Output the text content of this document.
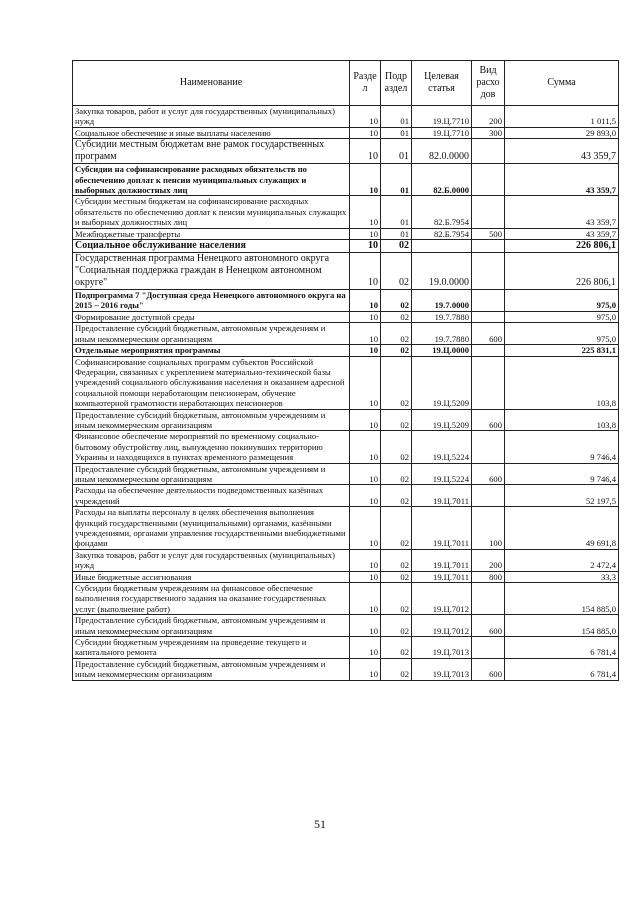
Наименование	Разде л	Подр аздел	Целевая статья	Вид расхо дов	Сумма
Закупка товаров, работ и услуг для государственных (муниципальных) нужд	10	01	19.Ц.7710	200	1 011,5
Социальное обеспечение и иные выплаты населению	10	01	19.Ц.7710	300	29 893,0
Субсидии местным бюджетам вне рамок государственных программ	10	01	82.0.0000		43 359,7
Субсидии на софинансирование расходных обязательств по обеспечению доплат к пенсии муниципальных служащих и выборных должностных лиц	10	01	82.Б.0000		43 359,7
Субсидии местным бюджетам на софинансирование расходных обязательств по обеспечению доплат к пенсии муниципальных служащих и выборных должностных лиц	10	01	82.Б.7954		43 359,7
Межбюджетные трансферты	10	01	82.Б.7954	500	43 359,7
Социальное обслуживание населения	10	02			226 806,1
Государственная программа Ненецкого автономного округа "Социальная поддержка граждан в Ненецком автономном округе"	10	02	19.0.0000		226 806,1
Подпрограмма 7 "Доступная среда Ненецкого автономного округа на 2015 – 2016 годы"	10	02	19.7.0000		975,0
Формирование доступной среды	10	02	19.7.7880		975,0
Предоставление субсидий бюджетным, автономным учреждениям и иным некоммерческим организациям	10	02	19.7.7880	600	975,0
Отдельные мероприятия программы	10	02	19.Ц.0000		225 831,1
Софинансирование социальных программ субъектов Российской Федерации, связанных с укреплением материально-технической базы учреждений социального обслуживания населения и оказанием адресной социальной помощи неработающим пенсионерам, обучение компьютерной грамотности неработающих пенсионеров	10	02	19.Ц.5209		103,8
Предоставление субсидий бюджетным, автономным учреждениям и иным некоммерческим организациям	10	02	19.Ц.5209	600	103,8
Финансовое обеспечение мероприятий по временному социально-бытовому обустройству лиц, вынужденно покинувших территорию Украины и находящихся в пунктах временного размещения	10	02	19.Ц.5224		9 746,4
Предоставление субсидий бюджетным, автономным учреждениям и иным некоммерческим организациям	10	02	19.Ц.5224	600	9 746,4
Расходы на обеспечение деятельности подведомственных казённых учреждений	10	02	19.Ц.7011		52 197,5
Расходы на выплаты персоналу в целях обеспечения выполнения функций государственными (муниципальными) органами, казёнными учреждениями, органами управления государственными внебюджетными фондами	10	02	19.Ц.7011	100	49 691,8
Закупка товаров, работ и услуг для государственных (муниципальных) нужд	10	02	19.Ц.7011	200	2 472,4
Иные бюджетные ассигнования	10	02	19.Ц.7011	800	33,3
Субсидии бюджетным учреждениям на финансовое обеспечение выполнения государственного задания на оказание государственных услуг (выполнение работ)	10	02	19.Ц.7012		154 885,0
Предоставление субсидий бюджетным, автономным учреждениям и иным некоммерческим организациям	10	02	19.Ц.7012	600	154 885,0
Субсидии бюджетным учреждениям на проведение текущего и капитального ремонта	10	02	19.Ц.7013		6 781,4
Предоставление субсидий бюджетным, автономным учреждениям и иным некоммерческим организациям	10	02	19.Ц.7013	600	6 781,4
51
